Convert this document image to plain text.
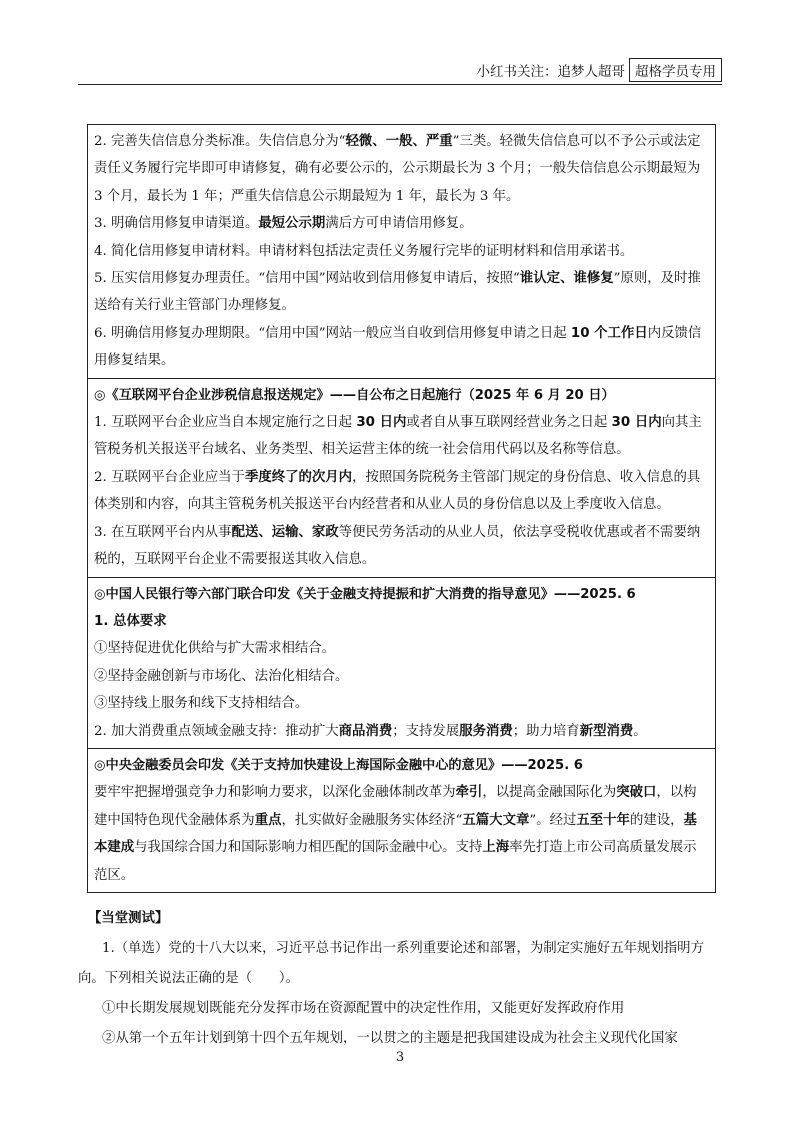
小红书关注：追梦人超哥 超格学员专用

2. 完善失信信息分类标准。失信信息分为“轻微、一般、严重”三类。轻微失信信息可以不予公示或法定责任义务履行完毕即可申请修复，确有必要公示的，公示期最长为 3 个月；一般失信信息公示期最短为 3 个月，最长为 1 年；严重失信信息公示期最短为 1 年，最长为 3 年。

3. 明确信用修复申请渠道。最短公示期满后方可申请信用修复。

4. 简化信用修复申请材料。申请材料包括法定责任义务履行完毕的证明材料和信用承诺书。

5. 压实信用修复办理责任。“信用中国”网站收到信用修复申请后，按照“谁认定、谁修复”原则，及时推送给有关行业主管部门办理修复。

6. 明确信用修复办理期限。“信用中国”网站一般应当自收到信用修复申请之日起 10 个工作日内反馈信用修复结果。

◎《互联网平台企业涉税信息报送规定》——自公布之日起施行（2025 年 6 月 20 日）

1. 互联网平台企业应当自本规定施行之日起 30 日内或者自从事互联网经营业务之日起 30 日内向其主管税务机关报送平台域名、业务类型、相关运营主体的统一社会信用代码以及名称等信息。

2. 互联网平台企业应当于季度终了的次月内，按照国务院税务主管部门规定的身份信息、收入信息的具体类别和内容，向其主管税务机关报送平台内经营者和从业人员的身份信息以及上季度收入信息。

3. 在互联网平台内从事配送、运输、家政等便民劳务活动的从业人员，依法享受税收优惠或者不需要纳税的，互联网平台企业不需要报送其收入信息。

◎中国人民银行等六部门联合印发《关于金融支持提振和扩大消费的指导意见》——2025. 6

1. 总体要求

①坚持促进优化供给与扩大需求相结合。

②坚持金融创新与市场化、法治化相结合。

③坚持线上服务和线下支持相结合。

2. 加大消费重点领域金融支持：推动扩大商品消费；支持发展服务消费；助力培育新型消费。

◎中央金融委员会印发《关于支持加快建设上海国际金融中心的意见》——2025. 6

要牢牢把握增强竞争力和影响力要求，以深化金融体制改革为牵引，以提高金融国际化为突破口，以构建中国特色现代金融体系为重点，扎实做好金融服务实体经济“五篇大文章”。经过五至十年的建设，基本建成与我国综合国力和国际影响力相匹配的国际金融中心。支持上海率先打造上市公司高质量发展示范区。

【当堂测试】

1.（单选）党的十八大以来，习近平总书记作出一系列重要论述和部署，为制定实施好五年规划指明方向。下列相关说法正确的是（　　）。

①中长期发展规划既能充分发挥市场在资源配置中的决定性作用，又能更好发挥政府作用

②从第一个五年计划到第十四个五年规划，一以贯之的主题是把我国建设成为社会主义现代化国家

3
